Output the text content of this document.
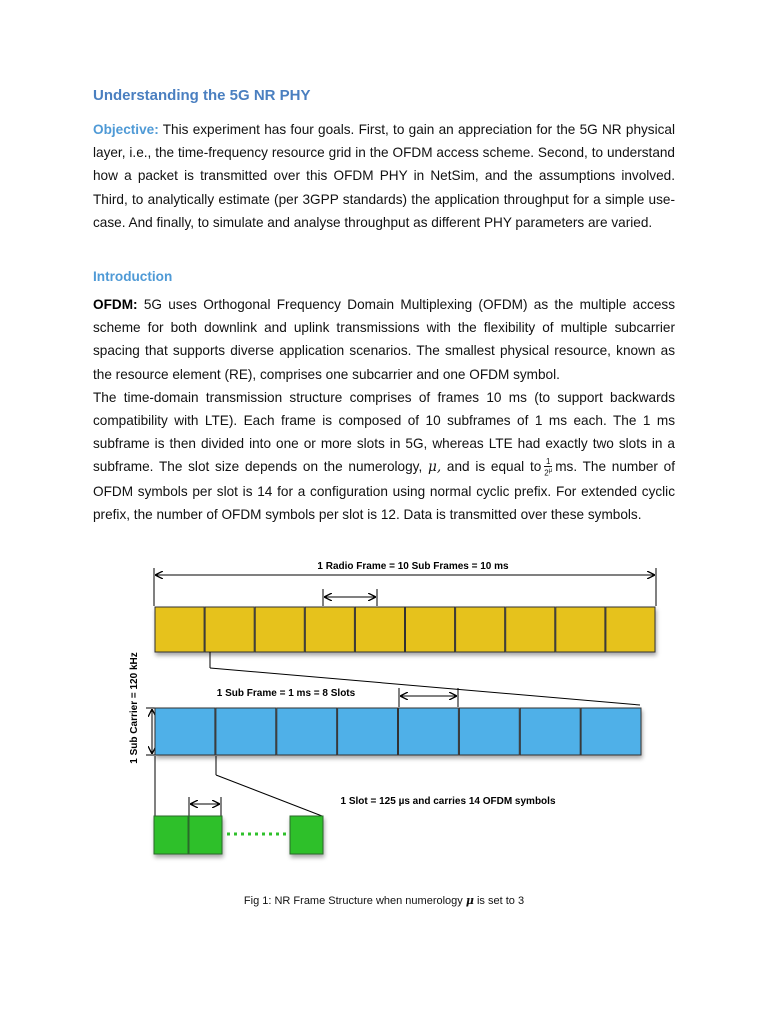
Understanding the 5G NR PHY

Objective: This experiment has four goals. First, to gain an appreciation for the 5G NR physical layer, i.e., the time-frequency resource grid in the OFDM access scheme. Second, to understand how a packet is transmitted over this OFDM PHY in NetSim, and the assumptions involved. Third, to analytically estimate (per 3GPP standards) the application throughput for a simple use-case. And finally, to simulate and analyse throughput as different PHY parameters are varied.

Introduction

OFDM: 5G uses Orthogonal Frequency Domain Multiplexing (OFDM) as the multiple access scheme for both downlink and uplink transmissions with the flexibility of multiple subcarrier spacing that supports diverse application scenarios. The smallest physical resource, known as the resource element (RE), comprises one subcarrier and one OFDM symbol.
The time-domain transmission structure comprises of frames 10 ms (to support backwards compatibility with LTE). Each frame is composed of 10 subframes of 1 ms each. The 1 ms subframe is then divided into one or more slots in 5G, whereas LTE had exactly two slots in a subframe. The slot size depends on the numerology, μ, and is equal to $\frac{1}{2^\mu}$ ms. The number of OFDM symbols per slot is 14 for a configuration using normal cyclic prefix. For extended cyclic prefix, the number of OFDM symbols per slot is 12. Data is transmitted over these symbols.

1 Radio Frame = 10 Sub Frames = 10 ms
1 Sub Frame = 1 ms = 8 Slots
1 Sub Carrier = 120 kHz
1 Slot = 125 µs and carries 14 OFDM symbols

Fig 1: NR Frame Structure when numerology μ is set to 3
